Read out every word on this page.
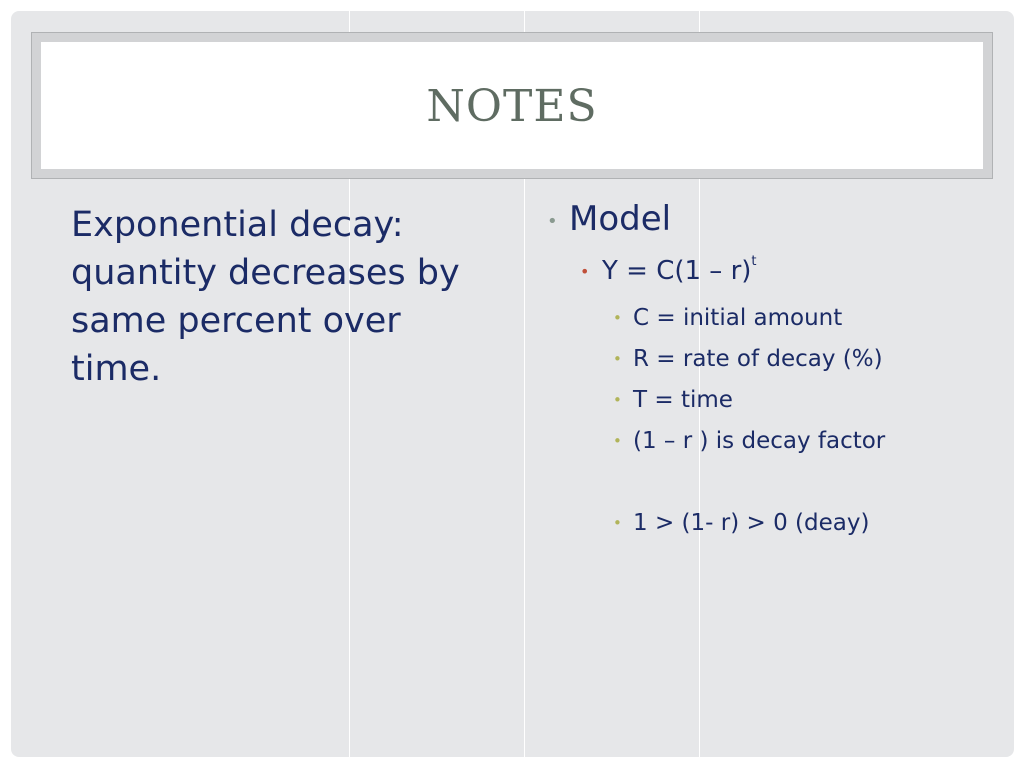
NOTES
Exponential decay: quantity decreases by same percent over time.
• Model
• Y = C(1 – r)$^t$
• C = initial amount
• R = rate of decay (%)
• T = time
• (1 – r ) is decay factor
• 1 > (1- r) > 0 (deay)
